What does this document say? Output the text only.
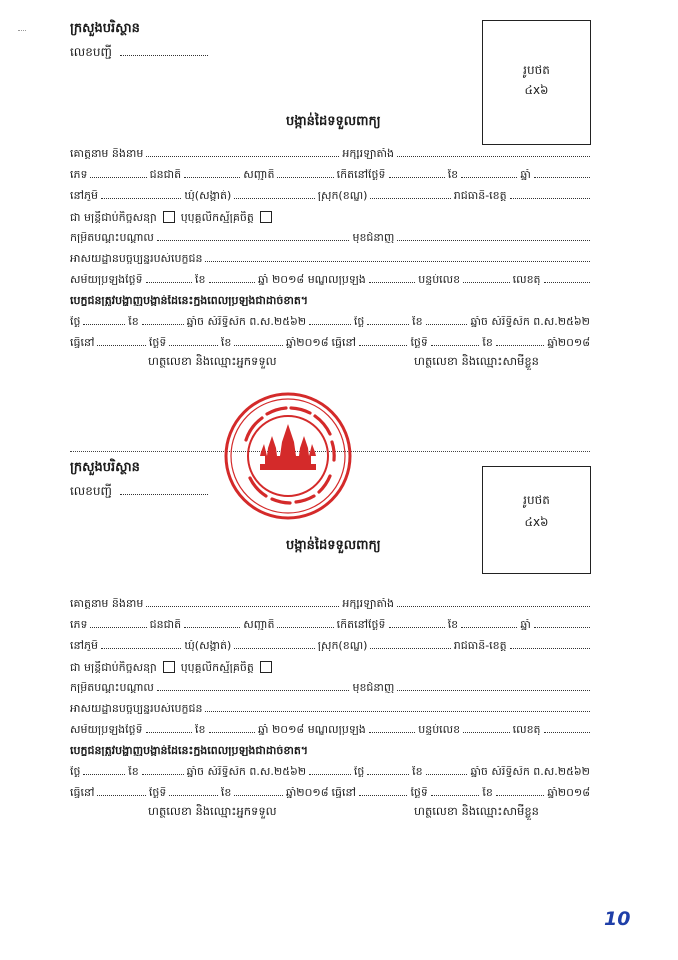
ក្រសួងបរិស្ថាន
លេខបញ្ជី
រូបថត
៤x៦
បង្កាន់ដៃទទួលពាក្យ
គោត្តនាម និងនាម	អក្សរឡាតាំង
ភេទ	ជនជាតិ	សញ្ជាតិ	កើតនៅថ្ងៃទី	ខែ	ឆ្នាំ
នៅភូមិ	ឃុំ(សង្កាត់)	ស្រុក(ខណ្ឌ)	រាជធានី-ខេត្ត
ជា មន្ត្រីជាប់កិច្ចសន្យា ឬបុគ្គលិកស្ម័គ្រចិត្ត
កម្រិតបណ្ដុះបណ្ដាល	មុខជំនាញ
អាសយដ្ឋានបច្ចុប្បន្នរបស់បេក្ខជន
សម័យប្រឡងថ្ងៃទី	ខែ	ឆ្នាំ ២០១៨ មណ្ឌលប្រឡង	បន្ទប់លេខ	លេខតុ
បេក្ខជនត្រូវបង្ហាញបង្កាន់ដៃនេះក្នុងពេលប្រឡងជាដាច់ខាត។
ថ្ងៃ	ខែ	ឆ្នាំច សំរឹទ្ធិស័ក ព.ស.២៥៦២	ថ្ងៃ	ខែ	ឆ្នាំច សំរឹទ្ធិស័ក ព.ស.២៥៦២
ធ្វើនៅ	ថ្ងៃទី	ខែ	ឆ្នាំ២០១៨ ធ្វើនៅ	ថ្ងៃទី	ខែ	ឆ្នាំ២០១៨
ហត្ថលេខា និងឈ្មោះអ្នកទទួល	ហត្ថលេខា និងឈ្មោះសាមីខ្លួន
ក្រសួងបរិស្ថាន
លេខបញ្ជី
រូបថត
៤x៦
បង្កាន់ដៃទទួលពាក្យ
គោត្តនាម និងនាម	អក្សរឡាតាំង
ភេទ	ជនជាតិ	សញ្ជាតិ	កើតនៅថ្ងៃទី	ខែ	ឆ្នាំ
នៅភូមិ	ឃុំ(សង្កាត់)	ស្រុក(ខណ្ឌ)	រាជធានី-ខេត្ត
ជា មន្ត្រីជាប់កិច្ចសន្យា ឬបុគ្គលិកស្ម័គ្រចិត្ត
កម្រិតបណ្ដុះបណ្ដាល	មុខជំនាញ
អាសយដ្ឋានបច្ចុប្បន្នរបស់បេក្ខជន
សម័យប្រឡងថ្ងៃទី	ខែ	ឆ្នាំ ២០១៨ មណ្ឌលប្រឡង	បន្ទប់លេខ	លេខតុ
បេក្ខជនត្រូវបង្ហាញបង្កាន់ដៃនេះក្នុងពេលប្រឡងជាដាច់ខាត។
ថ្ងៃ	ខែ	ឆ្នាំច សំរឹទ្ធិស័ក ព.ស.២៥៦២	ថ្ងៃ	ខែ	ឆ្នាំច សំរឹទ្ធិស័ក ព.ស.២៥៦២
ធ្វើនៅ	ថ្ងៃទី	ខែ	ឆ្នាំ២០១៨ ធ្វើនៅ	ថ្ងៃទី	ខែ	ឆ្នាំ២០១៨
ហត្ថលេខា និងឈ្មោះអ្នកទទួល	ហត្ថលេខា និងឈ្មោះសាមីខ្លួន
10
